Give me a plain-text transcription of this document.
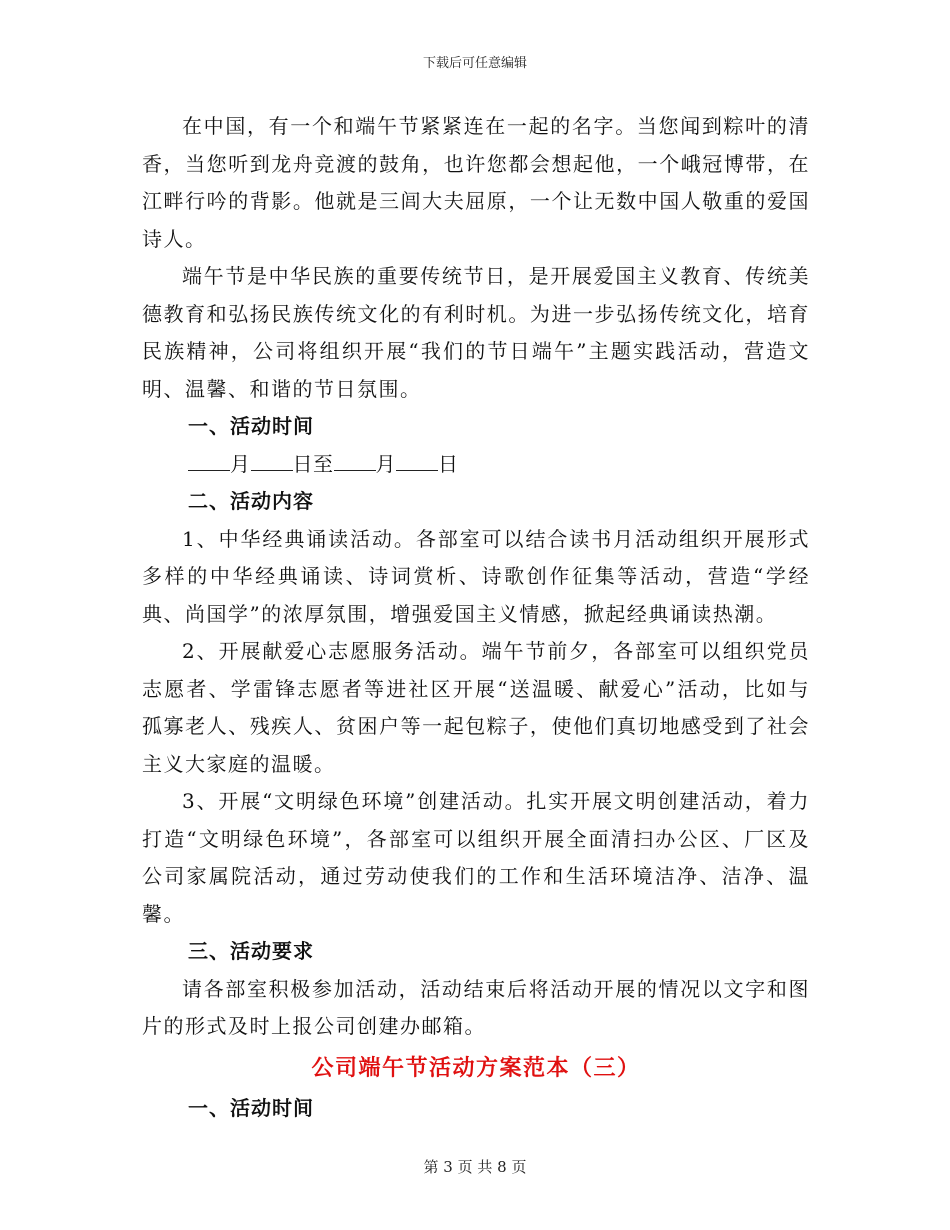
下载后可任意编辑

在中国，有一个和端午节紧紧连在一起的名字。当您闻到粽叶的清香，当您听到龙舟竞渡的鼓角，也许您都会想起他，一个峨冠博带，在江畔行吟的背影。他就是三闾大夫屈原，一个让无数中国人敬重的爱国诗人。

端午节是中华民族的重要传统节日，是开展爱国主义教育、传统美德教育和弘扬民族传统文化的有利时机。为进一步弘扬传统文化，培育民族精神，公司将组织开展“我们的节日端午”主题实践活动，营造文明、温馨、和谐的节日氛围。

一、活动时间

月 日至 月 日

二、活动内容

1、中华经典诵读活动。各部室可以结合读书月活动组织开展形式多样的中华经典诵读、诗词赏析、诗歌创作征集等活动，营造“学经典、尚国学”的浓厚氛围，增强爱国主义情感，掀起经典诵读热潮。

2、开展献爱心志愿服务活动。端午节前夕，各部室可以组织党员志愿者、学雷锋志愿者等进社区开展“送温暖、献爱心”活动，比如与孤寡老人、残疾人、贫困户等一起包粽子，使他们真切地感受到了社会主义大家庭的温暖。

3、开展“文明绿色环境”创建活动。扎实开展文明创建活动，着力打造“文明绿色环境”，各部室可以组织开展全面清扫办公区、厂区及公司家属院活动，通过劳动使我们的工作和生活环境洁净、洁净、温馨。

三、活动要求

请各部室积极参加活动，活动结束后将活动开展的情况以文字和图片的形式及时上报公司创建办邮箱。

公司端午节活动方案范本（三）

一、活动时间

第 3 页 共 8 页
